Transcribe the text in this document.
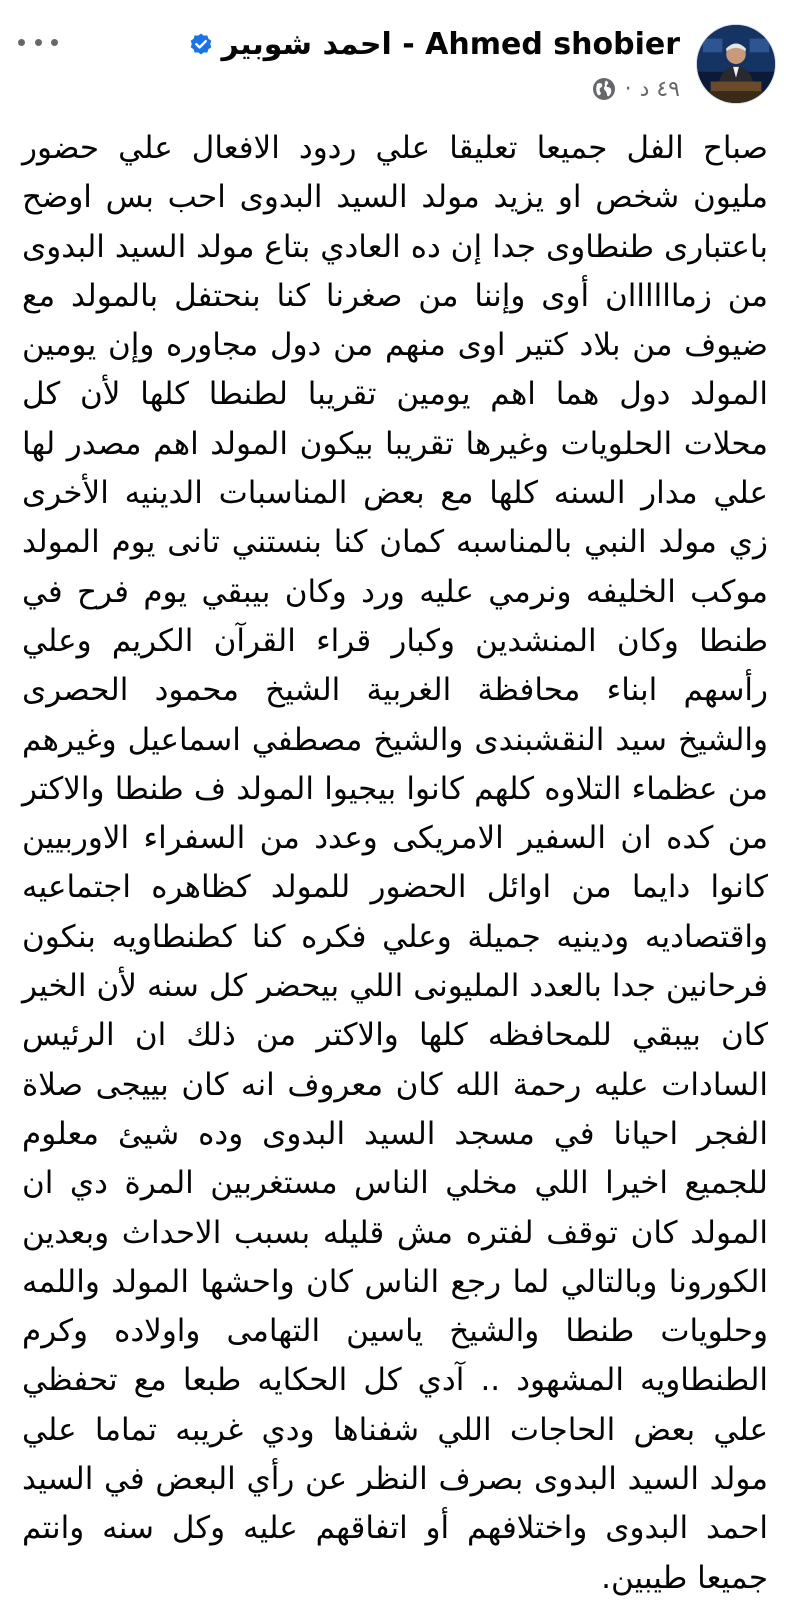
Ahmed shobier - احمد شوبير
٤٩ د
·
صباح الفل جميعا تعليقا علي ردود الافعال علي حضور مليون شخص او يزيد مولد السيد البدوى احب بس اوضح باعتبارى طنطاوى جدا إن ده العادي بتاع مولد السيد البدوى من زماااااان أوى وإننا من صغرنا كنا بنحتفل بالمولد مع ضيوف من بلاد كتير اوى منهم من دول مجاوره وإن يومين المولد دول هما اهم يومين تقريبا لطنطا كلها لأن كل محلات الحلويات وغيرها تقريبا بيكون المولد اهم مصدر لها علي مدار السنه كلها مع بعض المناسبات الدينيه الأخرى زي مولد النبي بالمناسبه كمان كنا بنستني تانى يوم المولد موكب الخليفه ونرمي عليه ورد وكان بيبقي يوم فرح في طنطا وكان المنشدين وكبار قراء القرآن الكريم وعلي رأسهم ابناء محافظة الغربية الشيخ محمود الحصرى والشيخ سيد النقشبندى والشيخ مصطفي اسماعيل وغيرهم من عظماء التلاوه كلهم كانوا بيجيوا المولد ف طنطا والاكتر من كده ان السفير الامريكى وعدد من السفراء الاوربيين كانوا دايما من اوائل الحضور للمولد كظاهره اجتماعيه واقتصاديه ودينيه جميلة وعلي فكره كنا كطنطاويه بنكون فرحانين جدا بالعدد المليونى اللي بيحضر كل سنه لأن الخير كان بيبقي للمحافظه كلها والاكتر من ذلك ان الرئيس السادات عليه رحمة الله كان معروف انه كان بييجى صلاة الفجر احيانا في مسجد السيد البدوى وده شيئ معلوم للجميع اخيرا اللي مخلي الناس مستغربين المرة دي ان المولد كان توقف لفتره مش قليله بسبب الاحداث وبعدين الكورونا وبالتالي لما رجع الناس كان واحشها المولد واللمه وحلويات طنطا والشيخ ياسين التهامى واولاده وكرم الطنطاويه المشهود .. آدي كل الحكايه طبعا مع تحفظي علي بعض الحاجات اللي شفناها ودي غريبه تماما علي مولد السيد البدوى بصرف النظر عن رأي البعض في السيد احمد البدوى واختلافهم أو اتفاقهم عليه وكل سنه وانتم جميعا طيبين.
